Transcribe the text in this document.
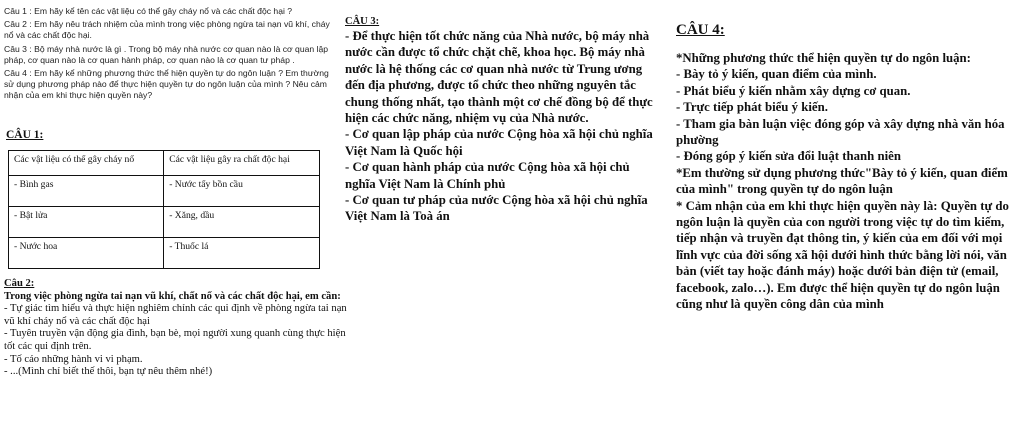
Câu 1 : Em hãy kể tên các vật liệu có thể gây cháy nổ và các chất độc hại ?

Câu 2 : Em hãy nêu trách nhiệm của mình trong việc phòng ngừa tai nạn vũ khí, cháy nổ và các chất độc hại.

Câu 3 : Bộ máy nhà nước là gì . Trong bộ máy nhà nước cơ quan nào là cơ quan lập pháp, cơ quan nào là cơ quan hành pháp, cơ quan nào là cơ quan tư pháp .

Câu 4 : Em hãy kể những phương thức thể hiện quyền tự do ngôn luận ? Em thường sử dụng phương pháp nào để thực hiện quyền tự do ngôn luận của mình ? Nêu cảm nhận của em khi thực hiện quyền này?

CÂU 1:
Các vật liệu có thể gây cháy nổ	Các vật liệu gây ra chất độc hại
- Bình gas	- Nước tẩy bồn cầu
- Bật lửa	- Xăng, dầu
- Nước hoa	- Thuốc lá

Câu 2:

Trong việc phòng ngừa tai nạn vũ khí, chất nổ và các chất độc hại, em cần:

- Tự giác tìm hiểu và thực hiện nghiêm chỉnh các qui định về phòng ngừa tai nạn vũ khí cháy nổ và các chất độc hại

- Tuyên truyền vận động gia đình, bạn bè, mọi người xung quanh cùng thực hiện tốt các qui định trên.

- Tố cáo những hành vi vi phạm.

- ...(Mình chỉ biết thế thôi, bạn tự nêu thêm nhé!)

CÂU 3:

- Để thực hiện tốt chức năng của Nhà nước, bộ máy nhà nước cần được tổ chức chặt chẽ, khoa học. Bộ máy nhà nước là hệ thống các cơ quan nhà nước từ Trung ương đến địa phương, được tổ chức theo những nguyên tắc chung thống nhất, tạo thành một cơ chế đồng bộ để thực hiện các chức năng, nhiệm vụ của Nhà nước.

- Cơ quan lập pháp của nước Cộng hòa xã hội chủ nghĩa Việt Nam là Quốc hội

- Cơ quan hành pháp của nước Cộng hòa xã hội chủ nghĩa Việt Nam là Chính phủ

- Cơ quan tư pháp của nước Cộng hòa xã hội chủ nghĩa Việt Nam là Toà án

CÂU 4:

*Những phương thức thể hiện quyền tự do ngôn luận:

- Bày tỏ ý kiến, quan điểm của mình.

- Phát biểu ý kiến nhằm xây dựng cơ quan.

- Trực tiếp phát biểu ý kiến.

- Tham gia bàn luận việc đóng góp và xây dựng nhà văn hóa phường

- Đóng góp ý kiến sửa đổi luật thanh niên

*Em thường sử dụng phương thức"Bày tỏ ý kiến, quan điểm của mình" trong quyền tự do ngôn luận

* Cảm nhận của em khi thực hiện quyền này là: Quyền tự do ngôn luận là quyền của con người trong việc tự do tìm kiếm, tiếp nhận và truyền đạt thông tin, ý kiến của em đối với mọi lĩnh vực của đời sống xã hội dưới hình thức bằng lời nói, văn bản (viết tay hoặc đánh máy) hoặc dưới bản điện tử (email, facebook, zalo…). Em được thể hiện quyền tự do ngôn luận cũng như là quyền công dân của mình
